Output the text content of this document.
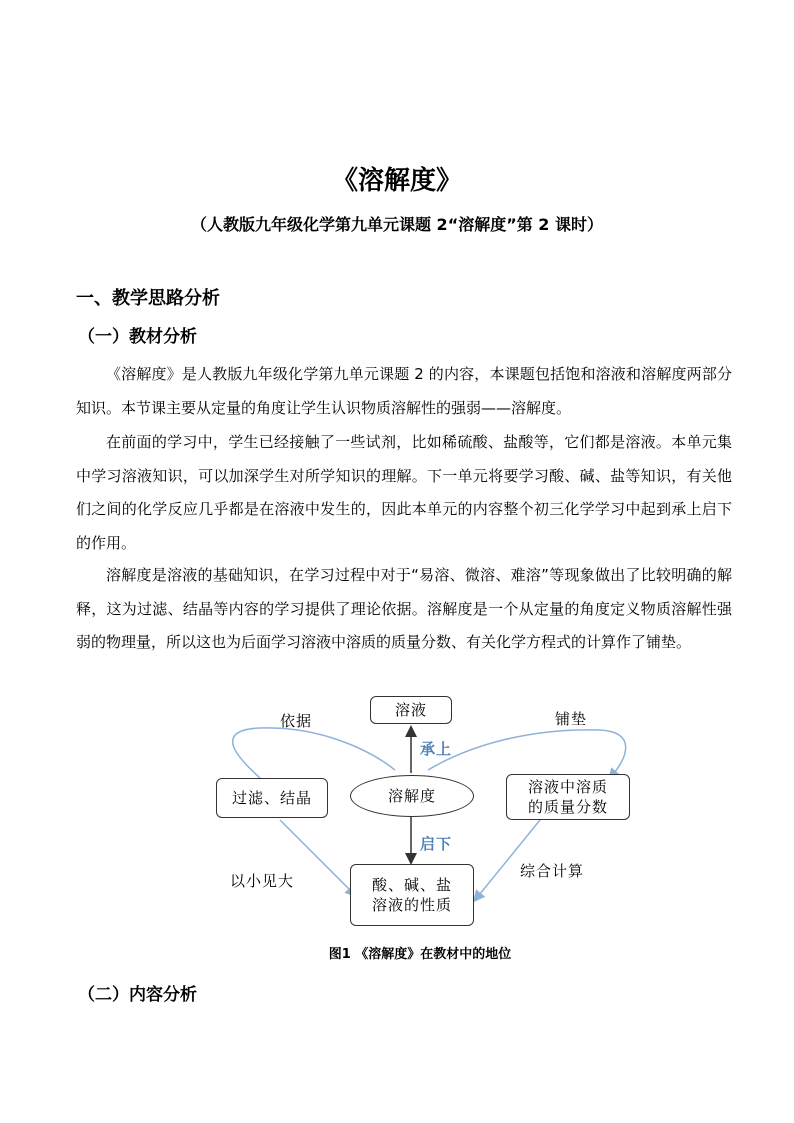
《溶解度》
（人教版九年级化学第九单元课题 2“溶解度”第 2 课时）
一、教学思路分析
（一）教材分析
《溶解度》是人教版九年级化学第九单元课题 2 的内容，本课题包括饱和溶液和溶解度两部分知识。本节课主要从定量的角度让学生认识物质溶解性的强弱——溶解度。
在前面的学习中，学生已经接触了一些试剂，比如稀硫酸、盐酸等，它们都是溶液。本单元集中学习溶液知识，可以加深学生对所学知识的理解。下一单元将要学习酸、碱、盐等知识，有关他们之间的化学反应几乎都是在溶液中发生的，因此本单元的内容整个初三化学学习中起到承上启下的作用。
溶解度是溶液的基础知识，在学习过程中对于“易溶、微溶、难溶”等现象做出了比较明确的解释，这为过滤、结晶等内容的学习提供了理论依据。溶解度是一个从定量的角度定义物质溶解性强弱的物理量，所以这也为后面学习溶液中溶质的质量分数、有关化学方程式的计算作了铺垫。
溶液
溶解度
过滤、结晶
溶液中溶质
的质量分数
酸、碱、盐
溶液的性质
依据	铺垫
承上
启下
以小见大
综合计算
图1 《溶解度》在教材中的地位
（二）内容分析
